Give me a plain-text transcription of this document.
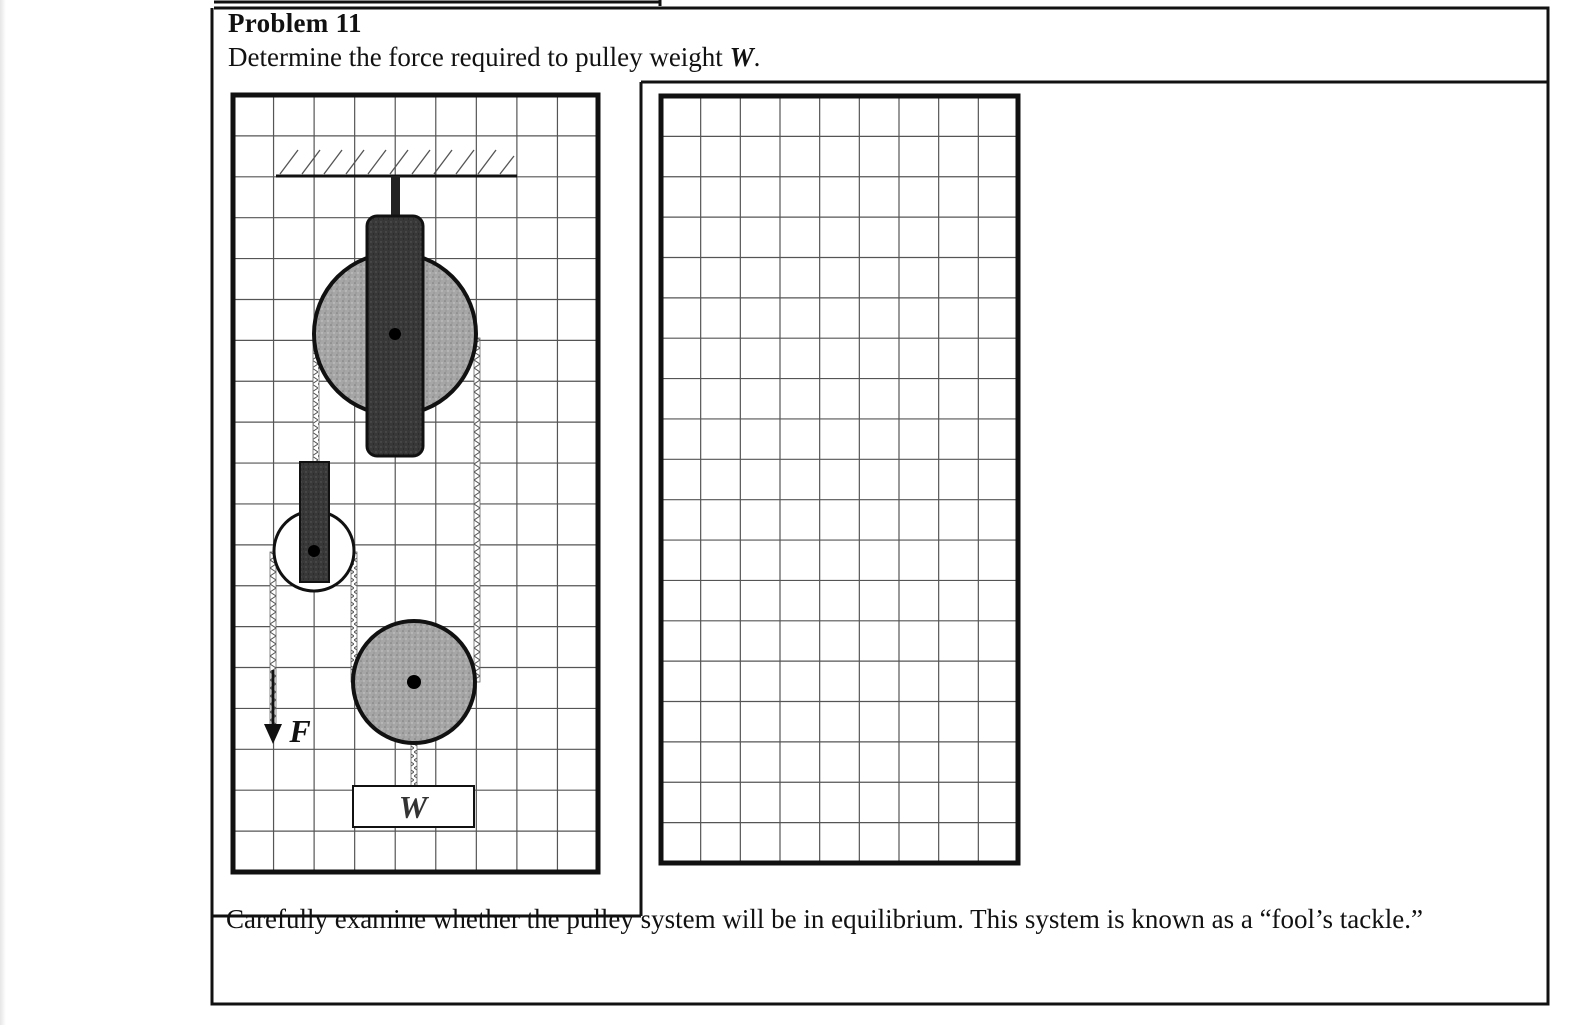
Problem 11
Determine the force required to pulley weight W.
W
F
Carefully examine whether the pulley system will be in equilibrium. This system is known as a “fool’s tackle.”
